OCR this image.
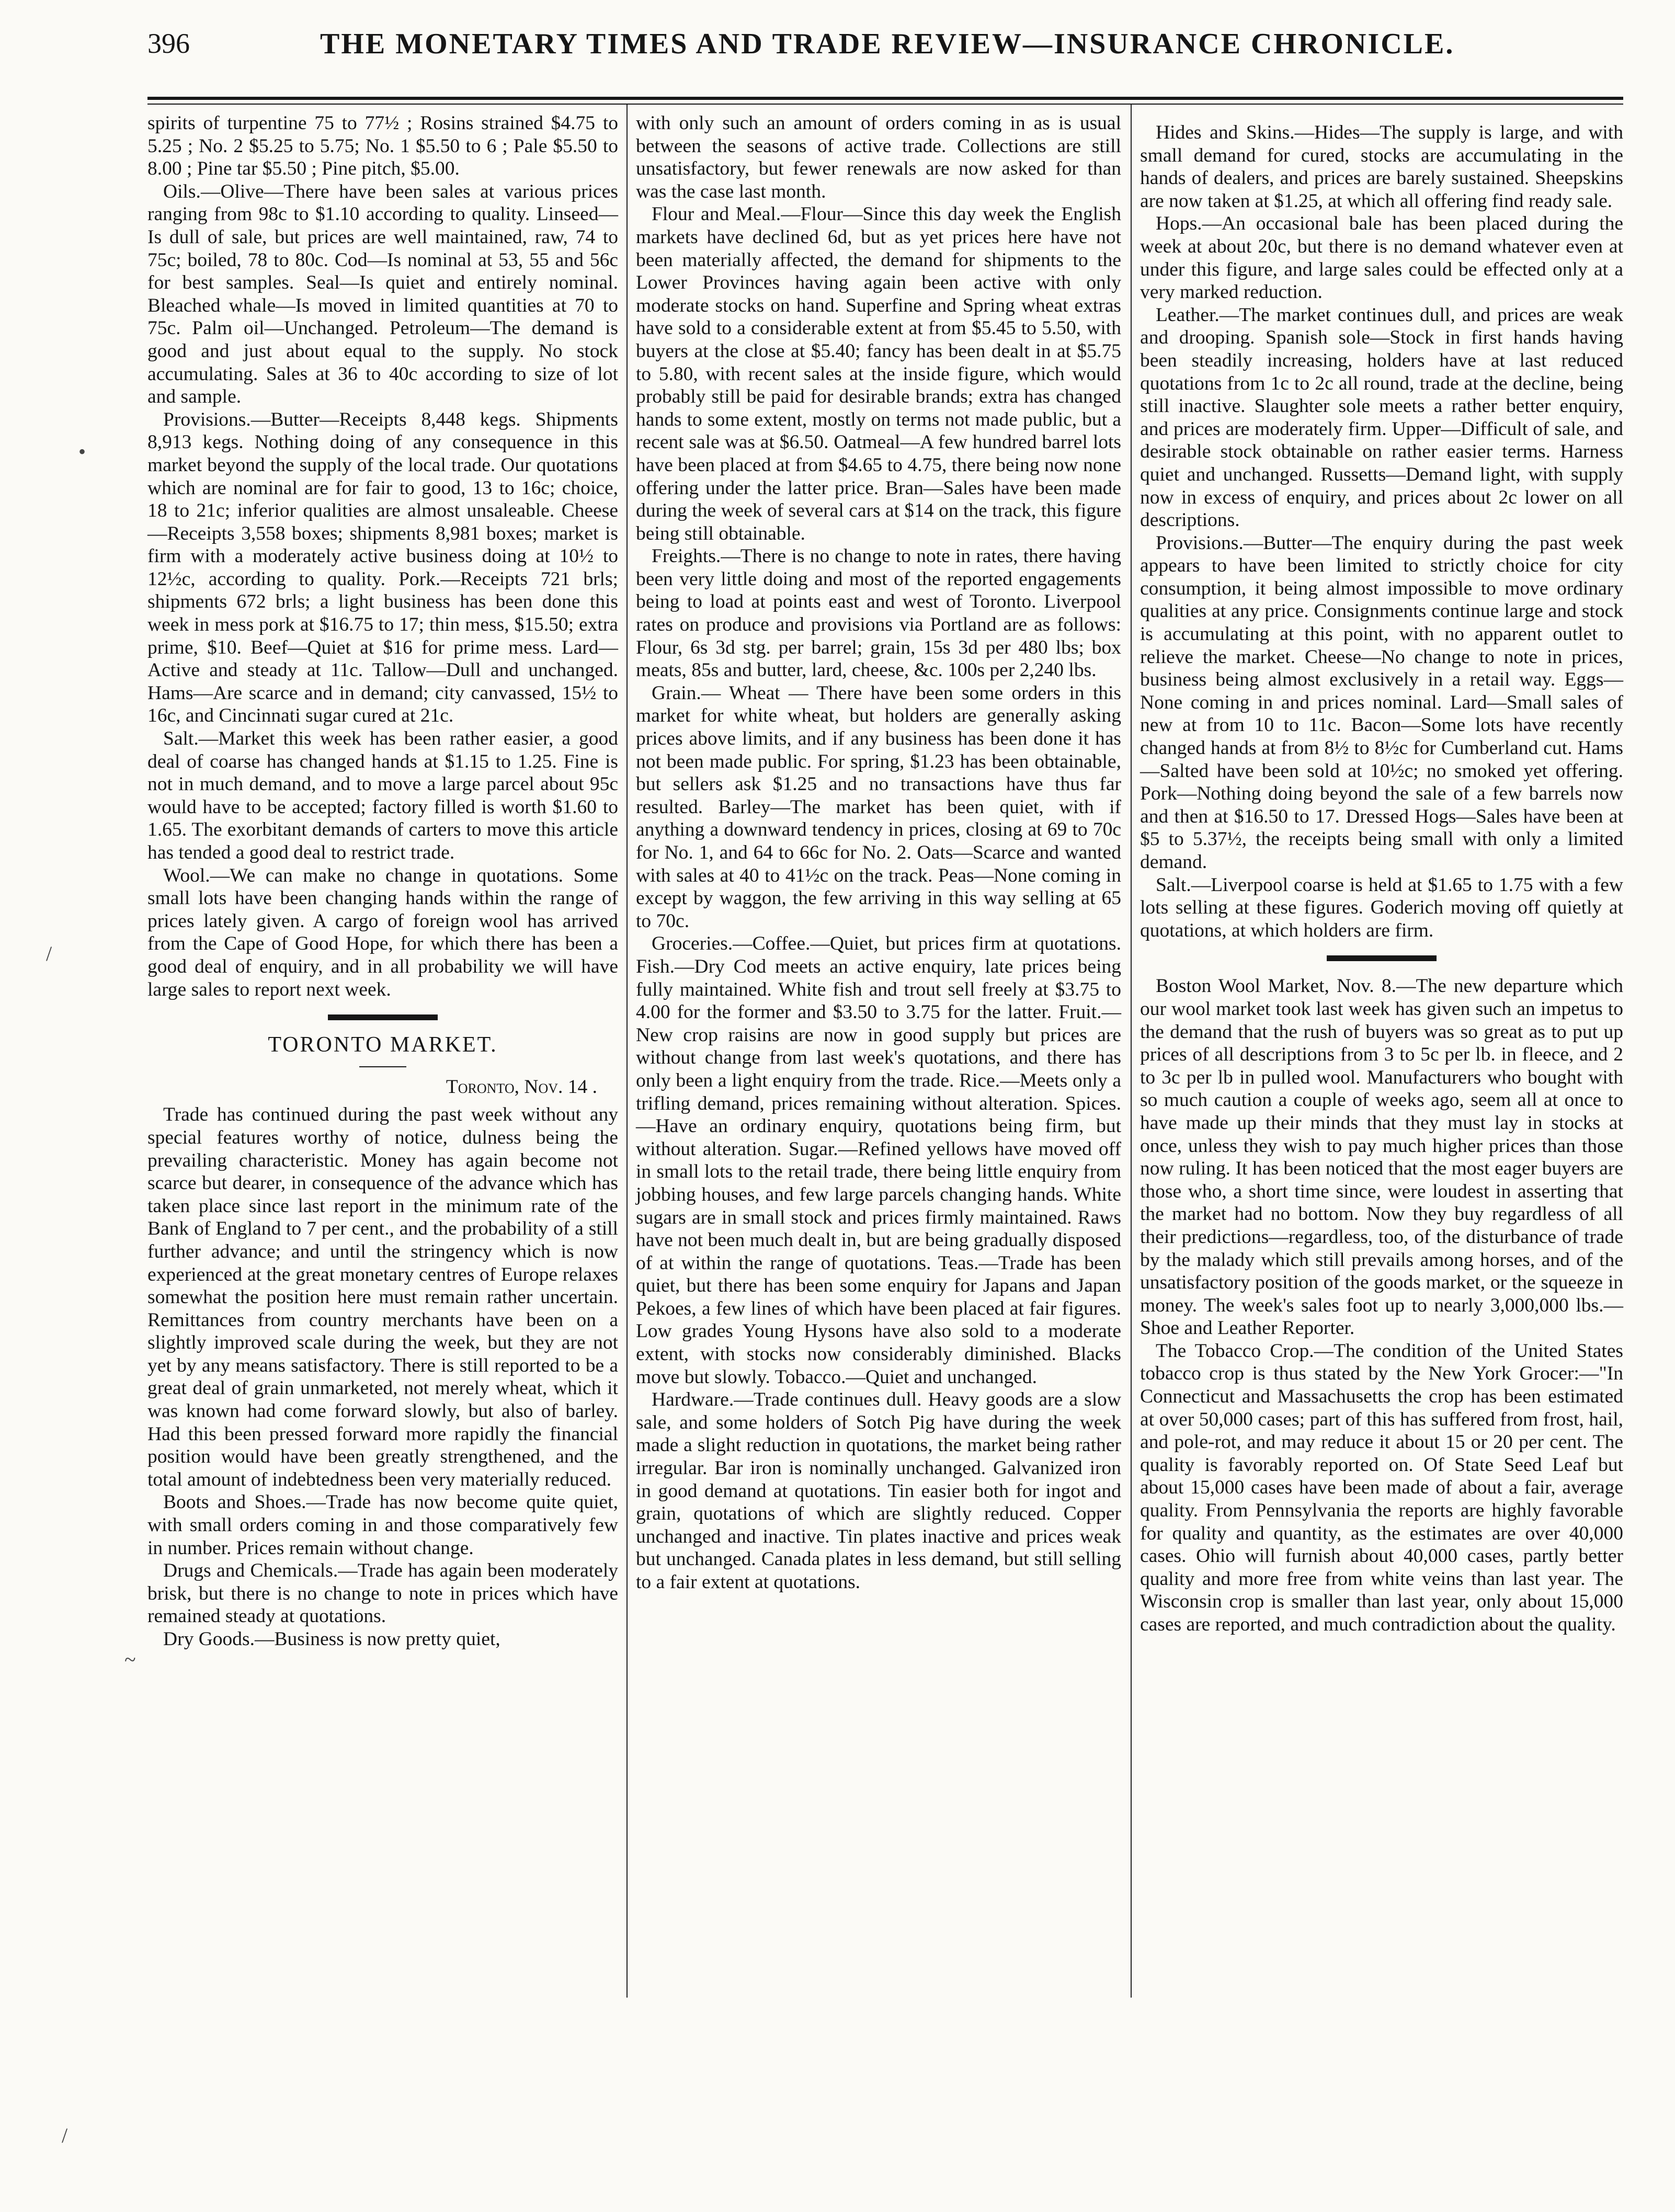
396	THE MONETARY TIMES AND TRADE REVIEW—INSURANCE CHRONICLE.

spirits of turpentine 75 to 77½ ; Rosins strained $4.75 to 5.25 ; No. 2 $5.25 to 5.75; No. 1 $5.50 to 6 ; Pale $5.50 to 8.00 ; Pine tar $5.50 ; Pine pitch, $5.00.

Oils.—Olive—There have been sales at various prices ranging from 98c to $1.10 according to quality. Linseed—Is dull of sale, but prices are well maintained, raw, 74 to 75c; boiled, 78 to 80c. Cod—Is nominal at 53, 55 and 56c for best samples. Seal—Is quiet and entirely nominal. Bleached whale—Is moved in limited quantities at 70 to 75c. Palm oil—Unchanged. Petroleum—The demand is good and just about equal to the supply. No stock accumulating. Sales at 36 to 40c according to size of lot and sample.

Provisions.—Butter—Receipts 8,448 kegs. Shipments 8,913 kegs. Nothing doing of any consequence in this market beyond the supply of the local trade. Our quotations which are nominal are for fair to good, 13 to 16c; choice, 18 to 21c; inferior qualities are almost unsaleable. Cheese—Receipts 3,558 boxes; shipments 8,981 boxes; market is firm with a moderately active business doing at 10½ to 12½c, according to quality. Pork.—Receipts 721 brls; shipments 672 brls; a light business has been done this week in mess pork at $16.75 to 17; thin mess, $15.50; extra prime, $10. Beef—Quiet at $16 for prime mess. Lard—Active and steady at 11c. Tallow—Dull and unchanged. Hams—Are scarce and in demand; city canvassed, 15½ to 16c, and Cincinnati sugar cured at 21c.

Salt.—Market this week has been rather easier, a good deal of coarse has changed hands at $1.15 to 1.25. Fine is not in much demand, and to move a large parcel about 95c would have to be accepted; factory filled is worth $1.60 to 1.65. The exorbitant demands of carters to move this article has tended a good deal to restrict trade.

Wool.—We can make no change in quotations. Some small lots have been changing hands within the range of prices lately given. A cargo of foreign wool has arrived from the Cape of Good Hope, for which there has been a good deal of enquiry, and in all probability we will have large sales to report next week.

TORONTO MARKET.
Toronto, Nov. 14 .

Trade has continued during the past week without any special features worthy of notice, dulness being the prevailing characteristic. Money has again become not scarce but dearer, in consequence of the advance which has taken place since last report in the minimum rate of the Bank of England to 7 per cent., and the probability of a still further advance; and until the stringency which is now experienced at the great monetary centres of Europe relaxes somewhat the position here must remain rather uncertain. Remittances from country merchants have been on a slightly improved scale during the week, but they are not yet by any means satisfactory. There is still reported to be a great deal of grain unmarketed, not merely wheat, which it was known had come forward slowly, but also of barley. Had this been pressed forward more rapidly the financial position would have been greatly strengthened, and the total amount of indebtedness been very materially reduced.

Boots and Shoes.—Trade has now become quite quiet, with small orders coming in and those comparatively few in number. Prices remain without change.

Drugs and Chemicals.—Trade has again been moderately brisk, but there is no change to note in prices which have remained steady at quotations.

Dry Goods.—Business is now pretty quiet,

with only such an amount of orders coming in as is usual between the seasons of active trade. Collections are still unsatisfactory, but fewer renewals are now asked for than was the case last month.

Flour and Meal.—Flour—Since this day week the English markets have declined 6d, but as yet prices here have not been materially affected, the demand for shipments to the Lower Provinces having again been active with only moderate stocks on hand. Superfine and Spring wheat extras have sold to a considerable extent at from $5.45 to 5.50, with buyers at the close at $5.40; fancy has been dealt in at $5.75 to 5.80, with recent sales at the inside figure, which would probably still be paid for desirable brands; extra has changed hands to some extent, mostly on terms not made public, but a recent sale was at $6.50. Oatmeal—A few hundred barrel lots have been placed at from $4.65 to 4.75, there being now none offering under the latter price. Bran—Sales have been made during the week of several cars at $14 on the track, this figure being still obtainable.

Freights.—There is no change to note in rates, there having been very little doing and most of the reported engagements being to load at points east and west of Toronto. Liverpool rates on produce and provisions via Portland are as follows: Flour, 6s 3d stg. per barrel; grain, 15s 3d per 480 lbs; box meats, 85s and butter, lard, cheese, &c. 100s per 2,240 lbs.

Grain.— Wheat — There have been some orders in this market for white wheat, but holders are generally asking prices above limits, and if any business has been done it has not been made public. For spring, $1.23 has been obtainable, but sellers ask $1.25 and no transactions have thus far resulted. Barley—The market has been quiet, with if anything a downward tendency in prices, closing at 69 to 70c for No. 1, and 64 to 66c for No. 2. Oats—Scarce and wanted with sales at 40 to 41½c on the track. Peas—None coming in except by waggon, the few arriving in this way selling at 65 to 70c.

Groceries.—Coffee.—Quiet, but prices firm at quotations. Fish.—Dry Cod meets an active enquiry, late prices being fully maintained. White fish and trout sell freely at $3.75 to 4.00 for the former and $3.50 to 3.75 for the latter. Fruit.—New crop raisins are now in good supply but prices are without change from last week's quotations, and there has only been a light enquiry from the trade. Rice.—Meets only a trifling demand, prices remaining without alteration. Spices.—Have an ordinary enquiry, quotations being firm, but without alteration. Sugar.—Refined yellows have moved off in small lots to the retail trade, there being little enquiry from jobbing houses, and few large parcels changing hands. White sugars are in small stock and prices firmly maintained. Raws have not been much dealt in, but are being gradually disposed of at within the range of quotations. Teas.—Trade has been quiet, but there has been some enquiry for Japans and Japan Pekoes, a few lines of which have been placed at fair figures. Low grades Young Hysons have also sold to a moderate extent, with stocks now considerably diminished. Blacks move but slowly. Tobacco.—Quiet and unchanged.

Hardware.—Trade continues dull. Heavy goods are a slow sale, and some holders of Sotch Pig have during the week made a slight reduction in quotations, the market being rather irregular. Bar iron is nominally unchanged. Galvanized iron in good demand at quotations. Tin easier both for ingot and grain, quotations of which are slightly reduced. Copper unchanged and inactive. Tin plates inactive and prices weak but unchanged. Canada plates in less demand, but still selling to a fair extent at quotations.

Hides and Skins.—Hides—The supply is large, and with small demand for cured, stocks are accumulating in the hands of dealers, and prices are barely sustained. Sheepskins are now taken at $1.25, at which all offering find ready sale.

Hops.—An occasional bale has been placed during the week at about 20c, but there is no demand whatever even at under this figure, and large sales could be effected only at a very marked reduction.

Leather.—The market continues dull, and prices are weak and drooping. Spanish sole—Stock in first hands having been steadily increasing, holders have at last reduced quotations from 1c to 2c all round, trade at the decline, being still inactive. Slaughter sole meets a rather better enquiry, and prices are moderately firm. Upper—Difficult of sale, and desirable stock obtainable on rather easier terms. Harness quiet and unchanged. Russetts—Demand light, with supply now in excess of enquiry, and prices about 2c lower on all descriptions.

Provisions.—Butter—The enquiry during the past week appears to have been limited to strictly choice for city consumption, it being almost impossible to move ordinary qualities at any price. Consignments continue large and stock is accumulating at this point, with no apparent outlet to relieve the market. Cheese—No change to note in prices, business being almost exclusively in a retail way. Eggs—None coming in and prices nominal. Lard—Small sales of new at from 10 to 11c. Bacon—Some lots have recently changed hands at from 8½ to 8½c for Cumberland cut. Hams—Salted have been sold at 10½c; no smoked yet offering. Pork—Nothing doing beyond the sale of a few barrels now and then at $16.50 to 17. Dressed Hogs—Sales have been at $5 to 5.37½, the receipts being small with only a limited demand.

Salt.—Liverpool coarse is held at $1.65 to 1.75 with a few lots selling at these figures. Goderich moving off quietly at quotations, at which holders are firm.

Boston Wool Market, Nov. 8.—The new departure which our wool market took last week has given such an impetus to the demand that the rush of buyers was so great as to put up prices of all descriptions from 3 to 5c per lb. in fleece, and 2 to 3c per lb in pulled wool. Manufacturers who bought with so much caution a couple of weeks ago, seem all at once to have made up their minds that they must lay in stocks at once, unless they wish to pay much higher prices than those now ruling. It has been noticed that the most eager buyers are those who, a short time since, were loudest in asserting that the market had no bottom. Now they buy regardless of all their predictions—regardless, too, of the disturbance of trade by the malady which still prevails among horses, and of the unsatisfactory position of the goods market, or the squeeze in money. The week's sales foot up to nearly 3,000,000 lbs.—Shoe and Leather Reporter.

The Tobacco Crop.—The condition of the United States tobacco crop is thus stated by the New York Grocer:—"In Connecticut and Massachusetts the crop has been estimated at over 50,000 cases; part of this has suffered from frost, hail, and pole-rot, and may reduce it about 15 or 20 per cent. The quality is favorably reported on. Of State Seed Leaf but about 15,000 cases have been made of about a fair, average quality. From Pennsylvania the reports are highly favorable for quality and quantity, as the estimates are over 40,000 cases. Ohio will furnish about 40,000 cases, partly better quality and more free from white veins than last year. The Wisconsin crop is smaller than last year, only about 15,000 cases are reported, and much contradiction about the quality.

•
/
~
/
